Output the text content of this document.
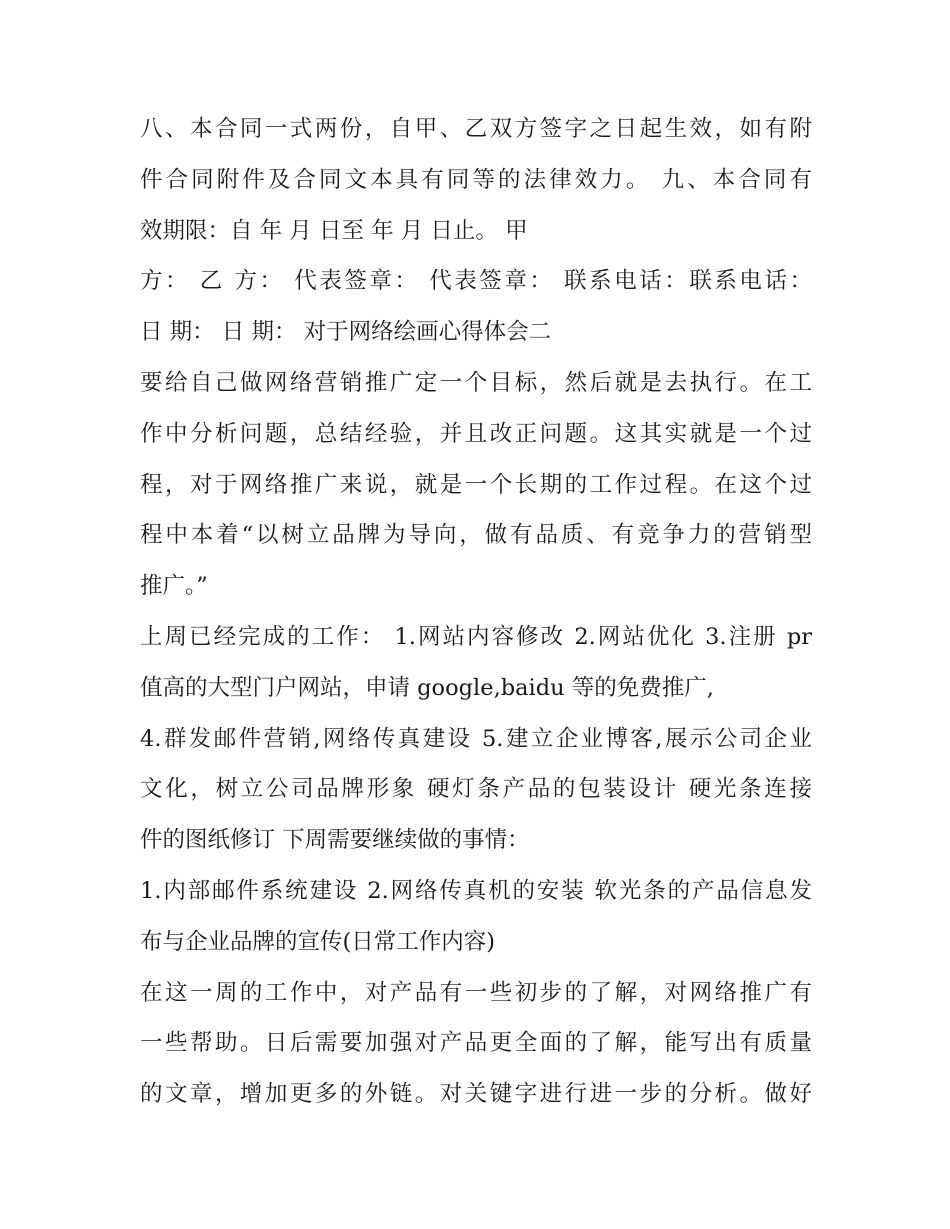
八、本合同一式两份，自甲、乙双方签字之日起生效，如有附
件合同附件及合同文本具有同等的法律效力。 九、本合同有
效期限：自 年 月 日至 年 月 日止。 甲
方： 乙 方： 代表签章： 代表签章： 联系电话：联系电话：
日 期： 日 期： 对于网络绘画心得体会二
要给自己做网络营销推广定一个目标，然后就是去执行。在工
作中分析问题，总结经验，并且改正问题。这其实就是一个过
程，对于网络推广来说，就是一个长期的工作过程。在这个过
程中本着“以树立品牌为导向，做有品质、有竞争力的营销型
推广。”
上周已经完成的工作： 1.网站内容修改 2.网站优化 3.注册 pr
值高的大型门户网站，申请 google,baidu 等的免费推广,
4.群发邮件营销,网络传真建设 5.建立企业博客,展示公司企业
文化，树立公司品牌形象 硬灯条产品的包装设计 硬光条连接
件的图纸修订 下周需要继续做的事情：
1.内部邮件系统建设 2.网络传真机的安装 软光条的产品信息发
布与企业品牌的宣传(日常工作内容)
在这一周的工作中，对产品有一些初步的了解，对网络推广有
一些帮助。日后需要加强对产品更全面的了解，能写出有质量
的文章，增加更多的外链。对关键字进行进一步的分析。做好
